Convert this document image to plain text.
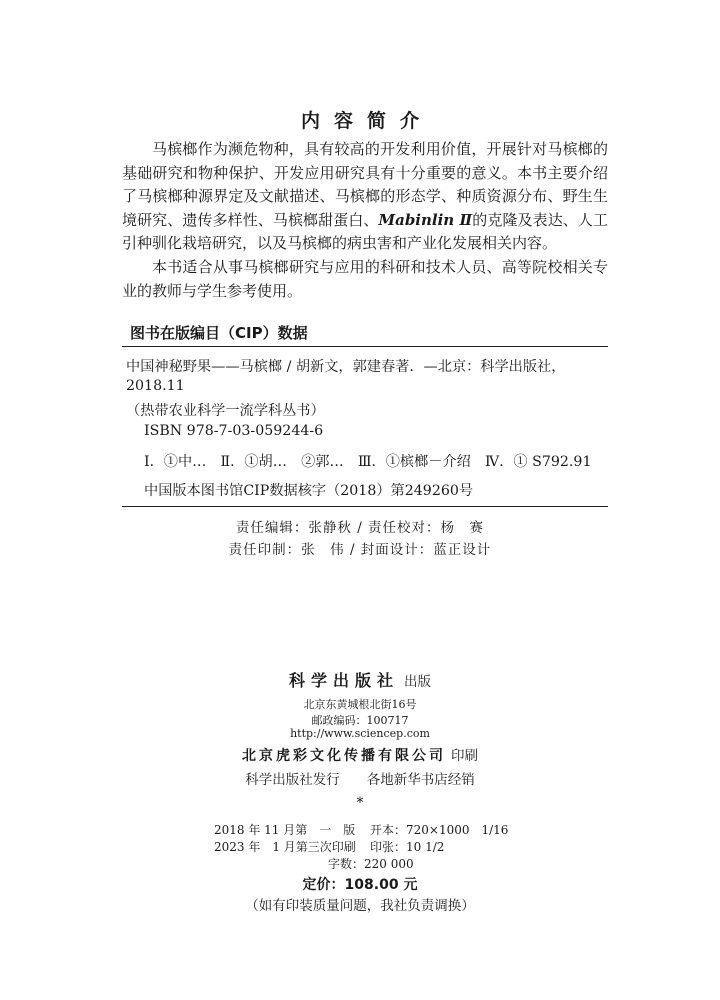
内容简介

马槟榔作为濒危物种，具有较高的开发利用价值，开展针对马槟榔的基础研究和物种保护、开发应用研究具有十分重要的意义。本书主要介绍了马槟榔种源界定及文献描述、马槟榔的形态学、种质资源分布、野生生境研究、遗传多样性、马槟榔甜蛋白、Mabinlin Ⅱ的克隆及表达、人工引种驯化栽培研究，以及马槟榔的病虫害和产业化发展相关内容。

本书适合从事马槟榔研究与应用的科研和技术人员、高等院校相关专业的教师与学生参考使用。

图书在版编目（CIP）数据
中国神秘野果——马槟榔 / 胡新文，郭建春著．—北京：科学出版社，
2018.11
（热带农业科学一流学科丛书）
ISBN 978-7-03-059244-6
Ⅰ．①中…　Ⅱ．①胡…　②郭…　Ⅲ．①槟榔－介绍　Ⅳ．① S792.91
中国版本图书馆CIP数据核字（2018）第249260号
责任编辑：张静秋 / 责任校对：杨　赛
责任印制：张　伟 / 封面设计：蓝正设计
科学出版社 出版
北京东黄城根北街16号
邮政编码：100717
http://www.sciencep.com
北京虎彩文化传播有限公司 印刷
科学出版社发行　　各地新华书店经销
*
2018 年 11 月第　一　版 开本：720×1000　1/16
2023 年　1 月第三次印刷 印张：10 1/2
字数：220 000
定价：108.00 元
（如有印装质量问题，我社负责调换）
